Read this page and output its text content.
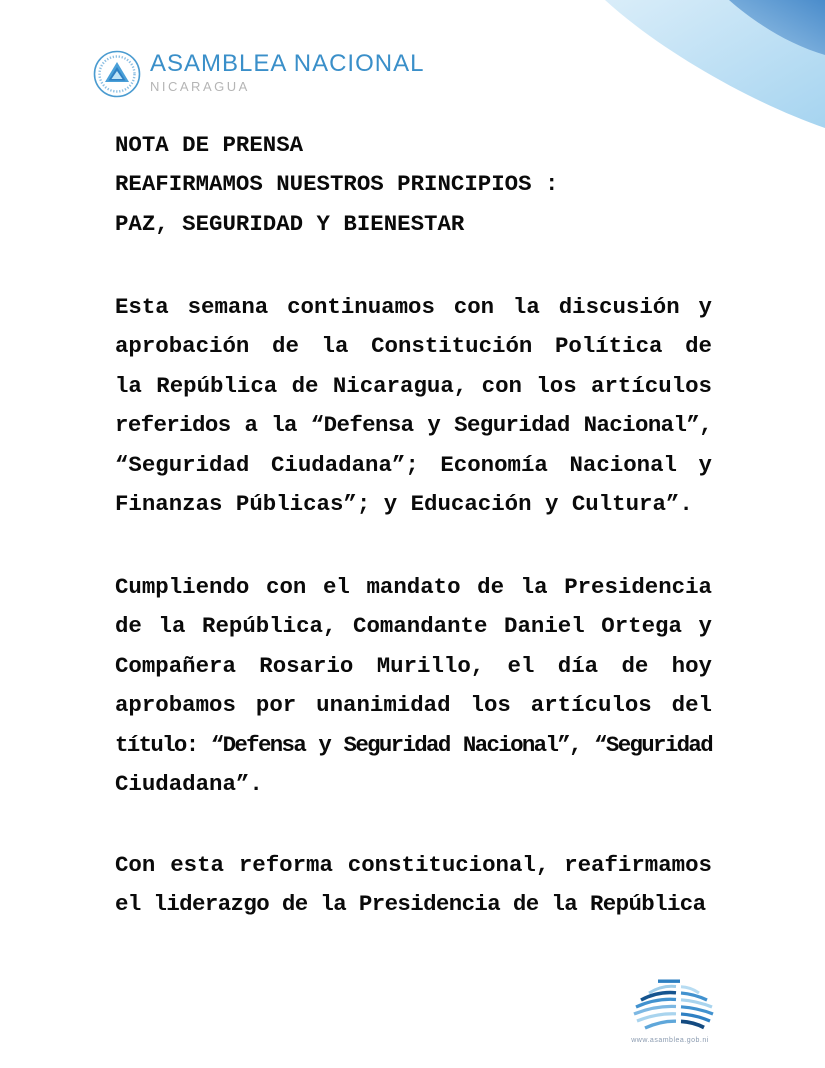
ASAMBLEA NACIONAL
NICARAGUA
NOTA DE PRENSA
REAFIRMAMOS NUESTROS PRINCIPIOS :
PAZ, SEGURIDAD Y BIENESTAR
Esta semana continuamos con la discusión y
aprobación de la Constitución Política de
la República de Nicaragua, con los artículos
referidos a la “Defensa y Seguridad Nacional”,
“Seguridad Ciudadana”; Economía Nacional y
Finanzas Públicas”; y Educación y Cultura”.
Cumpliendo con el mandato de la Presidencia
de la República, Comandante Daniel Ortega y
Compañera Rosario Murillo, el día de hoy
aprobamos por unanimidad los artículos del
título: “Defensa y Seguridad Nacional”, “Seguridad
Ciudadana”.
Con esta reforma constitucional, reafirmamos
el liderazgo de la Presidencia de la República
www.asamblea.gob.ni
